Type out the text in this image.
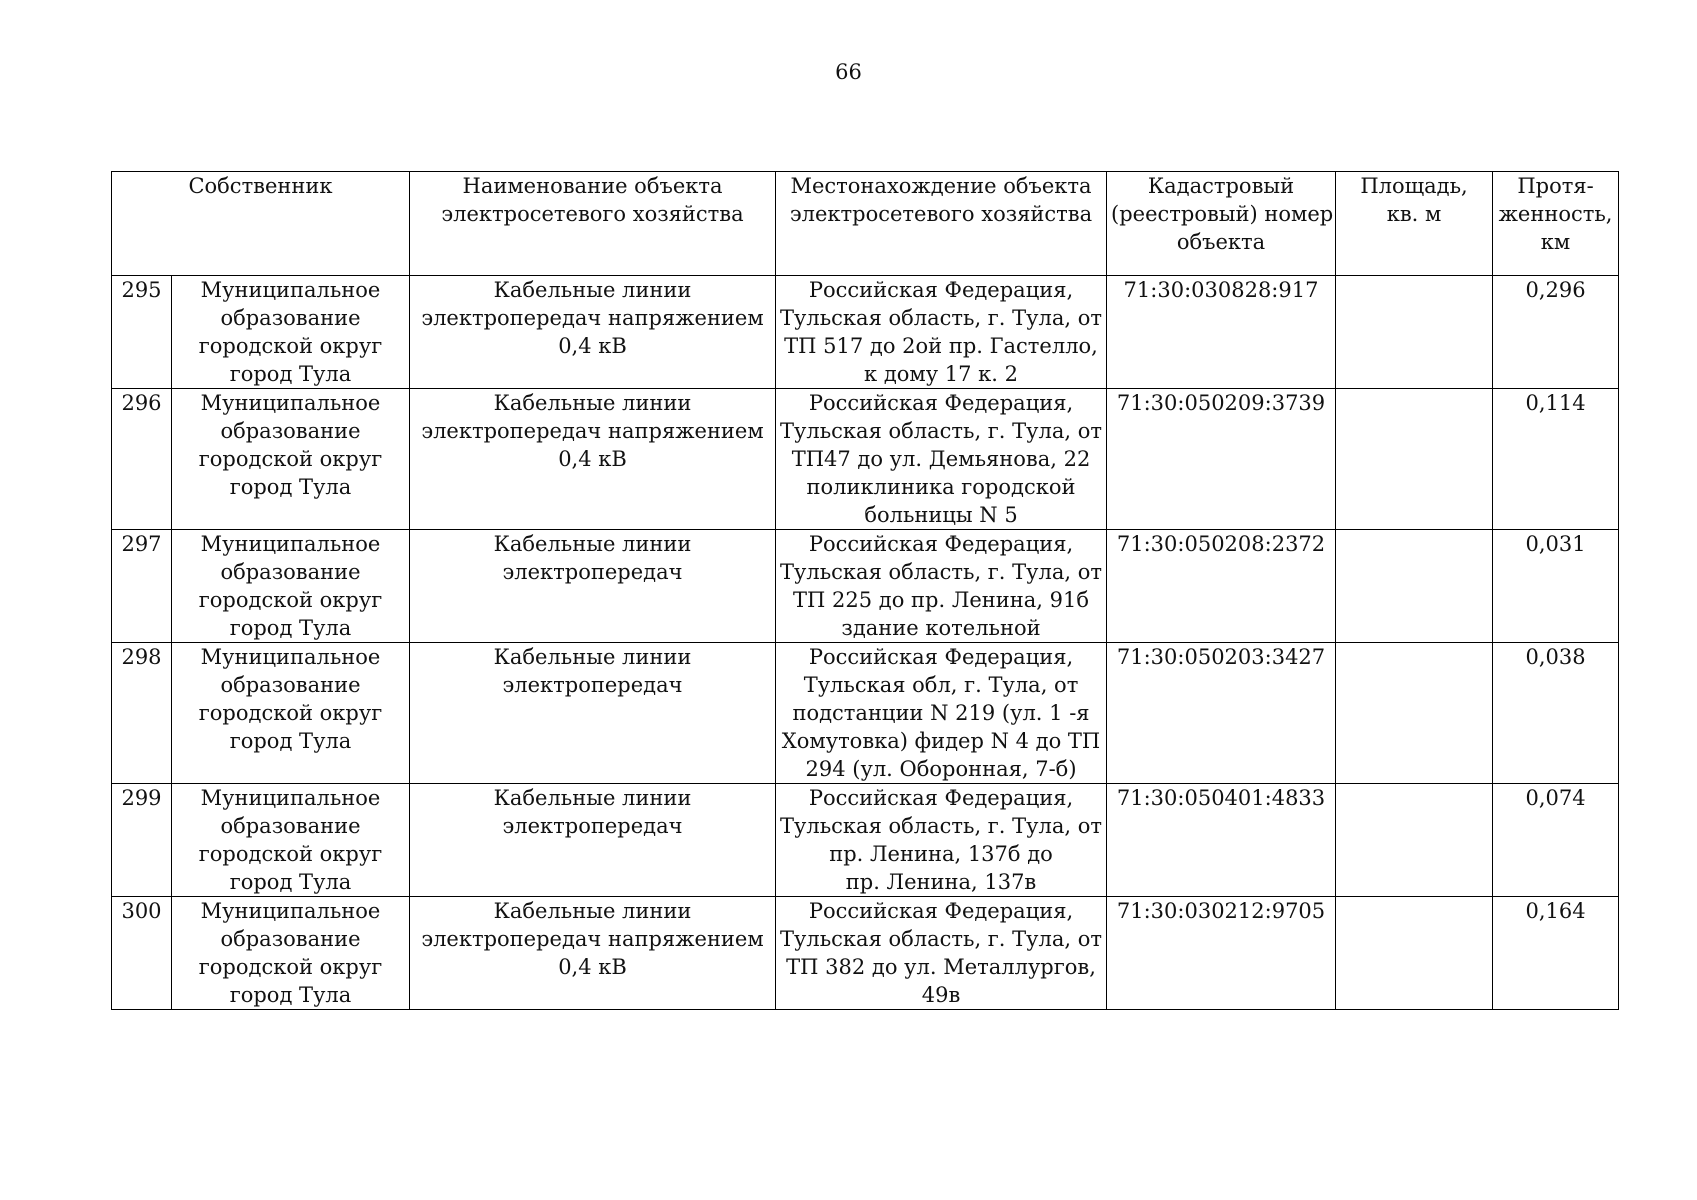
66
Собственник		Наименование объекта
электросетевого хозяйства	Местонахождение объекта
электросетевого хозяйства	Кадастровый
(реестровый) номер
объекта	Площадь,
кв. м	Протя-
женность,
км

295	Муниципальное
образование
городской округ
город Тула	Кабельные линии
электропередач напряжением
0,4 кВ	Российская Федерация,
Тульская область, г. Тула, от
ТП 517 до 2ой пр. Гастелло,
к дому 17 к. 2	71:30:030828:917		0,296
296	Муниципальное
образование
городской округ
город Тула	Кабельные линии
электропередач напряжением
0,4 кВ	Российская Федерация,
Тульская область, г. Тула, от
ТП47 до ул. Демьянова, 22
поликлиника городской
больницы N 5	71:30:050209:3739		0,114
297	Муниципальное
образование
городской округ
город Тула	Кабельные линии
электропередач	Российская Федерация,
Тульская область, г. Тула, от
ТП 225 до пр. Ленина, 91б
здание котельной	71:30:050208:2372		0,031
298	Муниципальное
образование
городской округ
город Тула	Кабельные линии
электропередач	Российская Федерация,
Тульская обл, г. Тула, от
подстанции N 219 (ул. 1 -я
Хомутовка) фидер N 4 до ТП
294 (ул. Оборонная, 7-б)	71:30:050203:3427		0,038
299	Муниципальное
образование
городской округ
город Тула	Кабельные линии
электропередач	Российская Федерация,
Тульская область, г. Тула, от
пр. Ленина, 137б до
пр. Ленина, 137в	71:30:050401:4833		0,074
300	Муниципальное
образование
городской округ
город Тула	Кабельные линии
электропередач напряжением
0,4 кВ	Российская Федерация,
Тульская область, г. Тула, от
ТП 382 до ул. Металлургов,
49в	71:30:030212:9705		0,164
